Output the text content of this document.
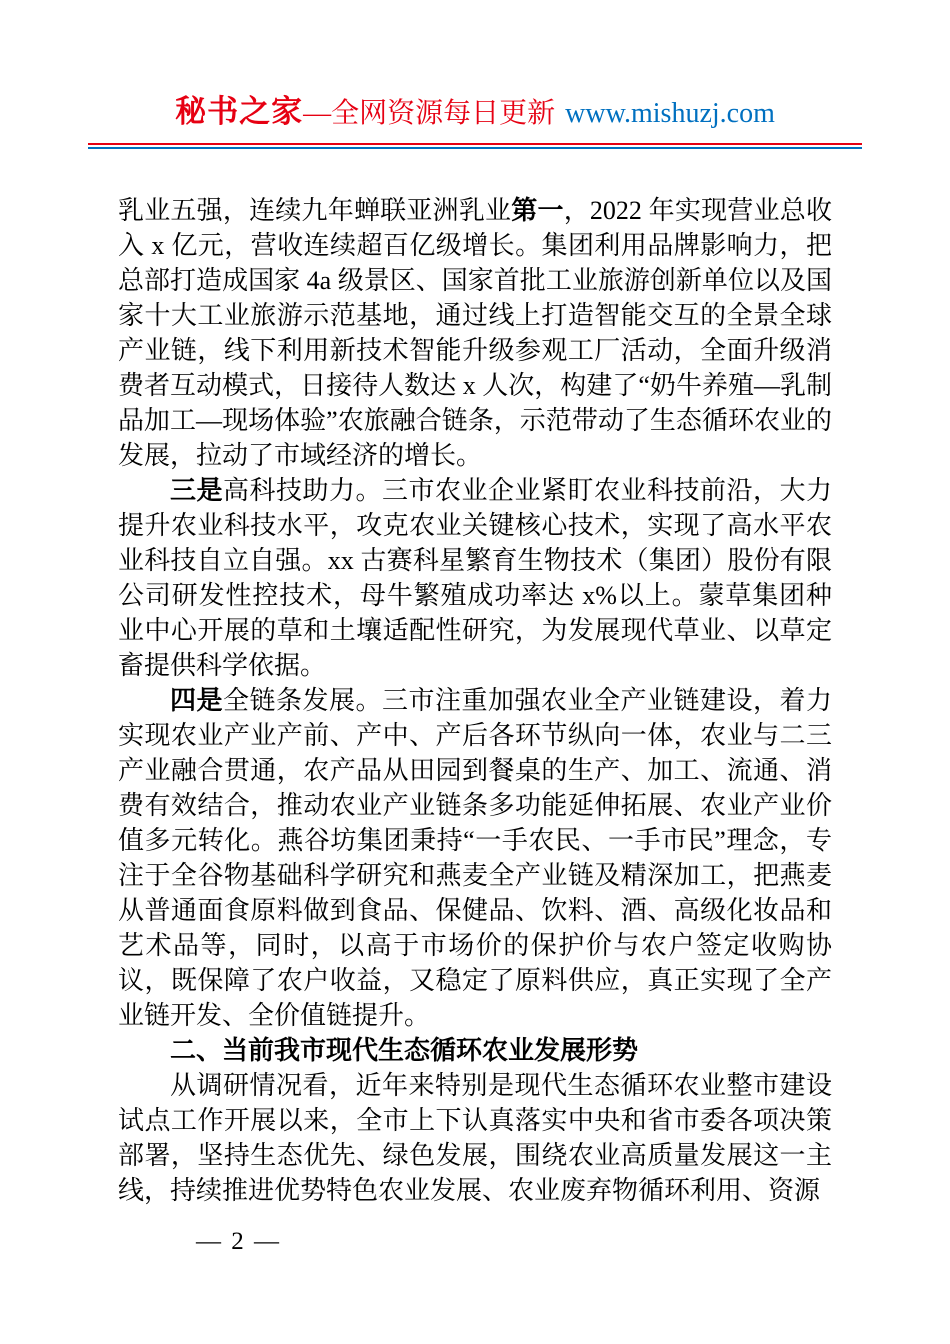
秘书之家—全网资源每日更新 www.mishuzj.com

乳业五强，连续九年蝉联亚洲乳业第一，2022 年实现营业总收入 x 亿元，营收连续超百亿级增长。集团利用品牌影响力，把总部打造成国家 4a 级景区、国家首批工业旅游创新单位以及国家十大工业旅游示范基地，通过线上打造智能交互的全景全球产业链，线下利用新技术智能升级参观工厂活动，全面升级消费者互动模式，日接待人数达 x 人次，构建了“奶牛养殖—乳制品加工—现场体验”农旅融合链条，示范带动了生态循环农业的发展，拉动了市域经济的增长。

三是高科技助力。三市农业企业紧盯农业科技前沿，大力提升农业科技水平，攻克农业关键核心技术，实现了高水平农业科技自立自强。xx 古赛科星繁育生物技术（集团）股份有限公司研发性控技术，母牛繁殖成功率达 x%以上。蒙草集团种业中心开展的草和土壤适配性研究，为发展现代草业、以草定畜提供科学依据。

四是全链条发展。三市注重加强农业全产业链建设，着力实现农业产业产前、产中、产后各环节纵向一体，农业与二三产业融合贯通，农产品从田园到餐桌的生产、加工、流通、消费有效结合，推动农业产业链条多功能延伸拓展、农业产业价值多元转化。燕谷坊集团秉持“一手农民、一手市民”理念，专注于全谷物基础科学研究和燕麦全产业链及精深加工，把燕麦从普通面食原料做到食品、保健品、饮料、酒、高级化妆品和艺术品等，同时，以高于市场价的保护价与农户签定收购协议，既保障了农户收益，又稳定了原料供应，真正实现了全产业链开发、全价值链提升。

二、当前我市现代生态循环农业发展形势

从调研情况看，近年来特别是现代生态循环农业整市建设试点工作开展以来，全市上下认真落实中央和省市委各项决策部署，坚持生态优先、绿色发展，围绕农业高质量发展这一主线，持续推进优势特色农业发展、农业废弃物循环利用、资源

— 2 —
